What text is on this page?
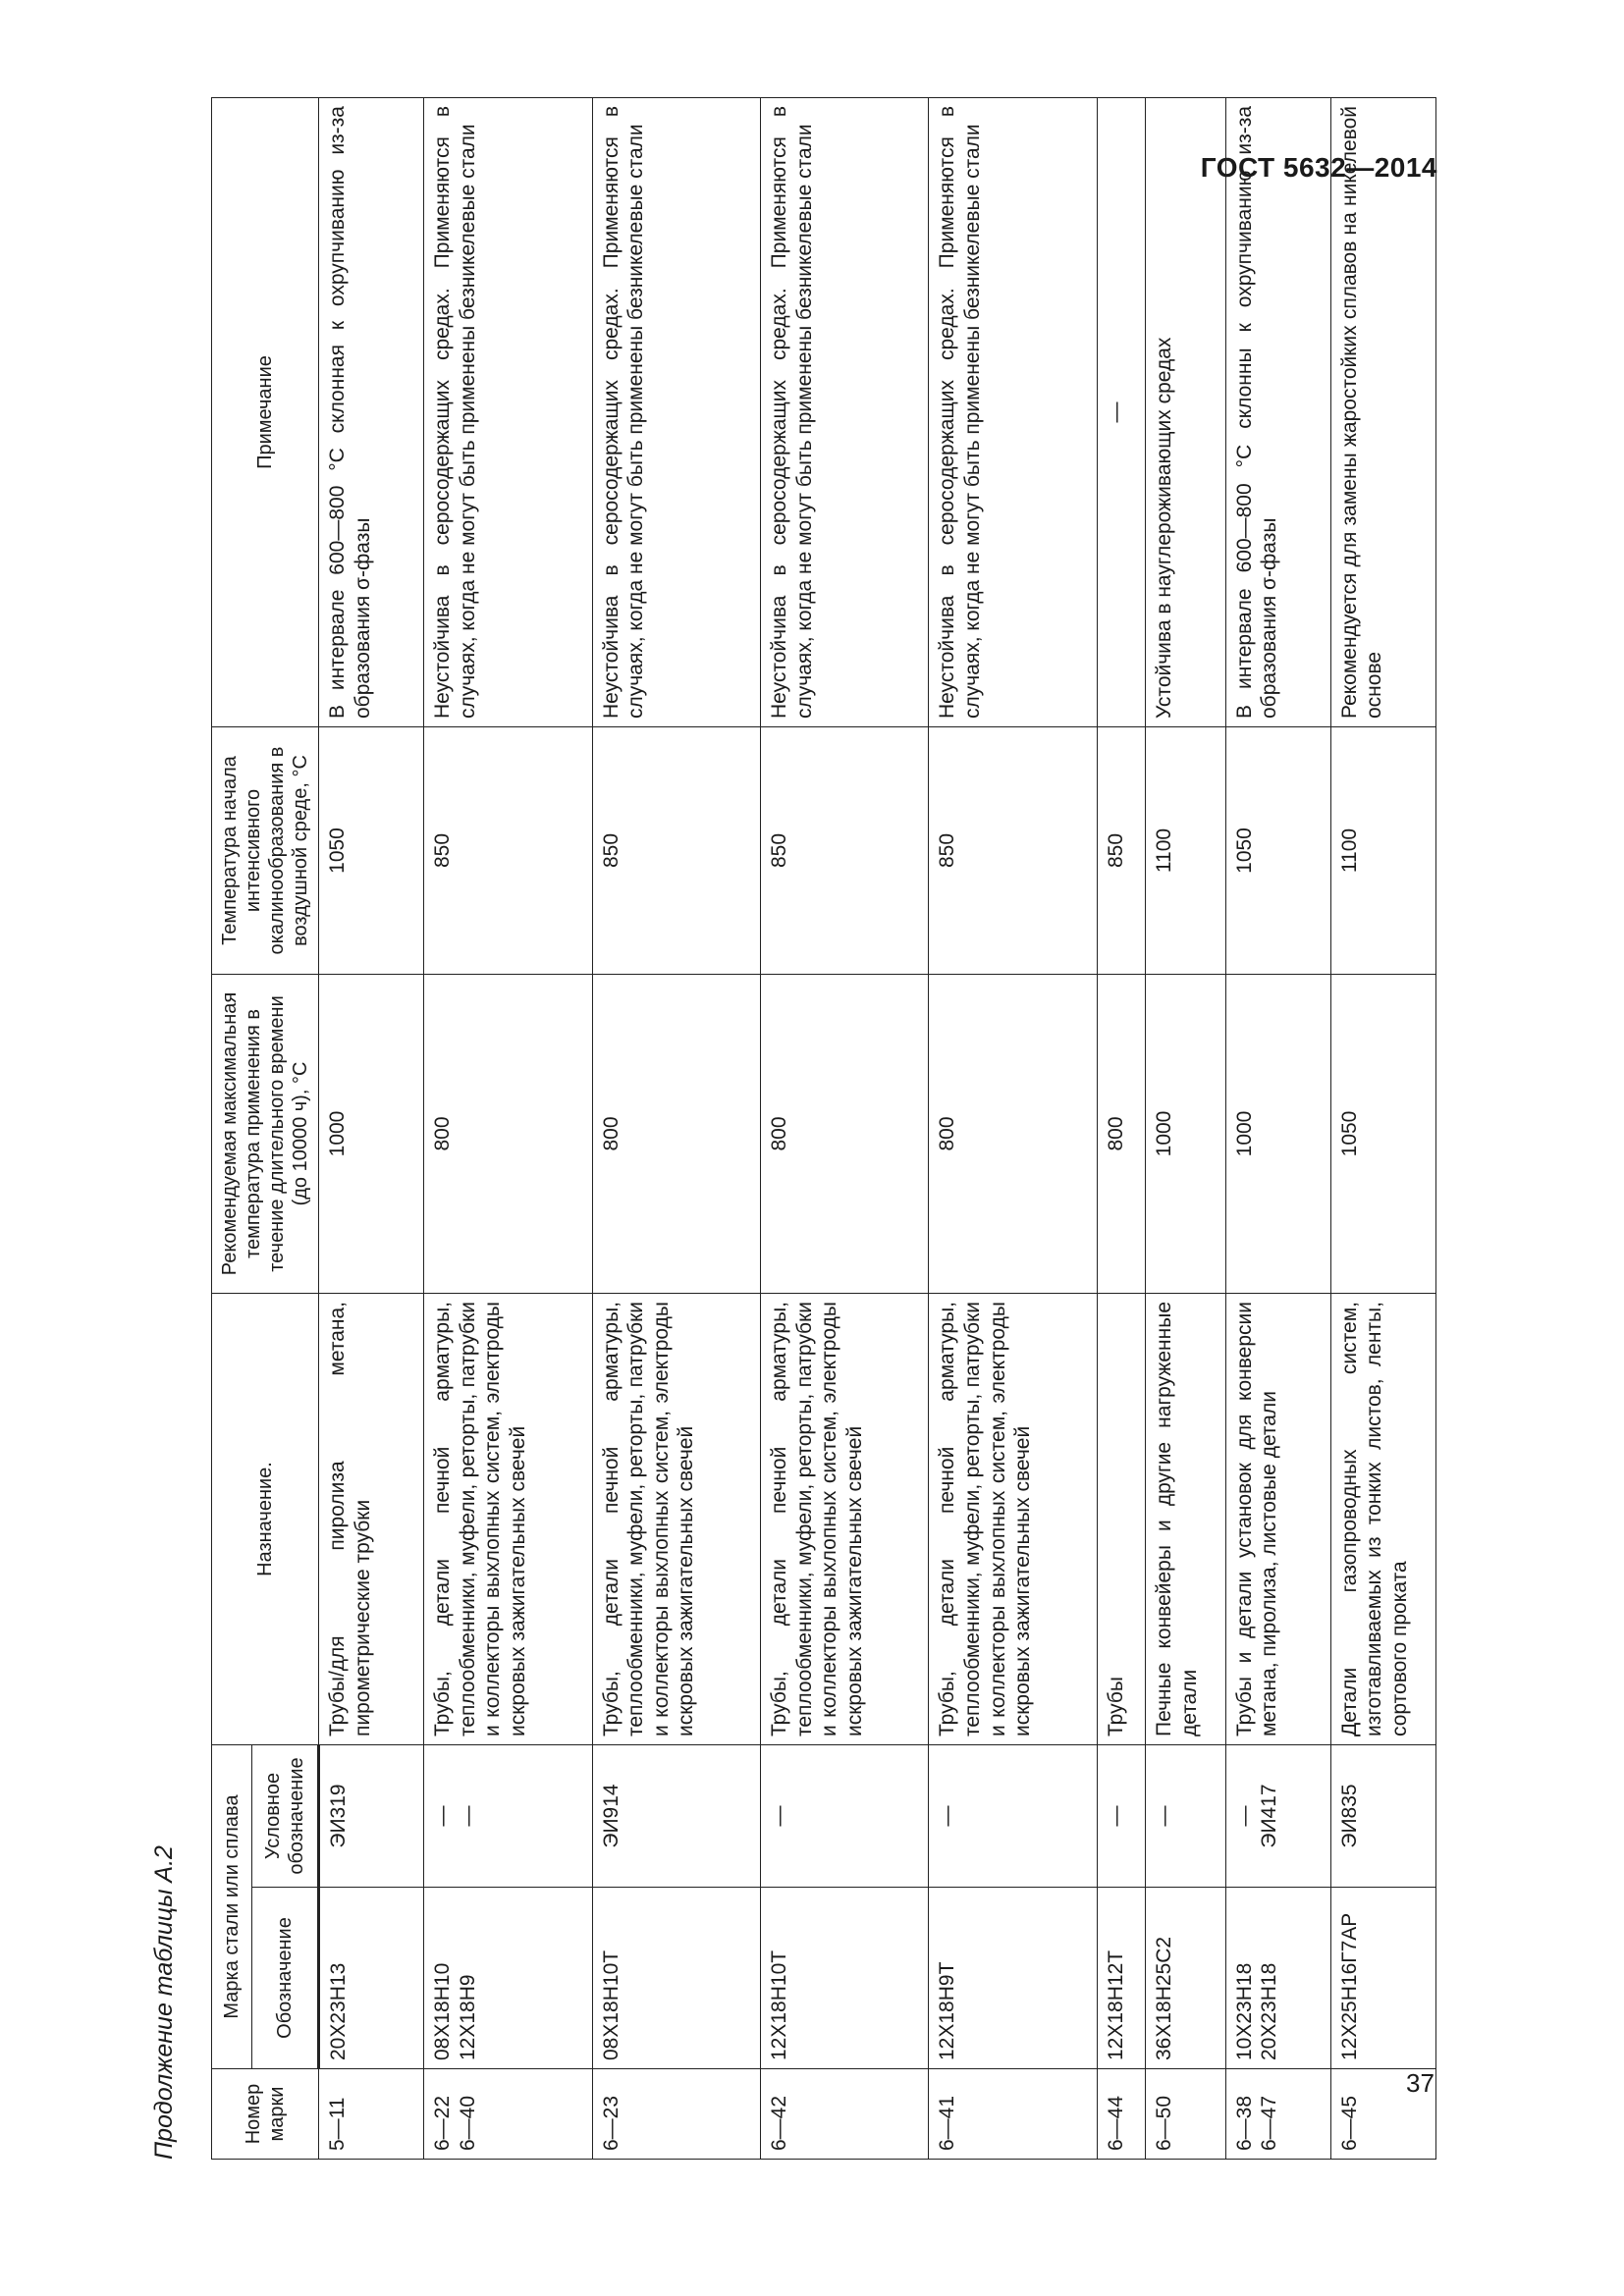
ГОСТ 5632—2014
Продолжение таблицы А.2	Номер марки	Марка стали или сплава		Назначение.	Рекомендуемая максимальная температура применения в течение длительного времени (до 10000 ч), °С	Температура начала интенсивного окалинообразования в воздушной среде, °С	Примечание
	Обозначение	Условное обозначение				

5—11	20Х23Н13	ЭИ319	Трубы/для пиролиза метана, пирометрические трубки	1000	1050	В интервале 600—800 °С склонная к охрупчиванию из-за образования σ-фазы

6—22 6—40	08Х18Н10 12Х18Н9	— —	Трубы, детали печной арматуры, теплообменники, муфели, реторты, патрубки и коллекторы выхлопных систем, электроды искровых зажигательных свечей	800	850	Неустойчива в серосодержащих средах. Применяются в случаях, когда не могут быть применены безникелевые стали

6—23	08Х18Н10Т	ЭИ914	Трубы, детали печной арматуры, теплообменники, муфели, реторты, патрубки и коллекторы выхлопных систем, электроды искровых зажигательных свечей	800	850	Неустойчива в серосодержащих средах. Применяются в случаях, когда не могут быть применены безникелевые стали

6—42	12Х18Н10Т	—	Трубы, детали печной арматуры, теплообменники, муфели, реторты, патрубки и коллекторы выхлопных систем, электроды искровых зажигательных свечей	800	850	Неустойчива в серосодержащих средах. Применяются в случаях, когда не могут быть применены безникелевые стали

6—41	12Х18Н9Т	—	Трубы, детали печной арматуры, теплообменники, муфели, реторты, патрубки и коллекторы выхлопных систем, электроды искровых зажигательных свечей	800	850	Неустойчива в серосодержащих средах. Применяются в случаях, когда не могут быть применены безникелевые стали

6—44	12Х18Н12Т	—	Трубы	800	850	—

6—50	36Х18Н25С2	—	Печные конвейеры и другие нагруженные детали	1000	1100	Устойчива в науглероживающих средах

6—38 6—47	10Х23Н18 20Х23Н18	— ЭИ417	Трубы и детали установок для конверсии метана, пиролиза, листовые детали	1000	1050	В интервале 600—800 °С склонны к охрупчиванию из-за образования σ-фазы

6—45	12Х25Н16Г7АР	ЭИ835	Детали газопроводных систем, изготавливаемых из тонких листов, ленты, сортового проката	1050	1100	Рекомендуется для замены жаростойких сплавов на никелевой основе
37
